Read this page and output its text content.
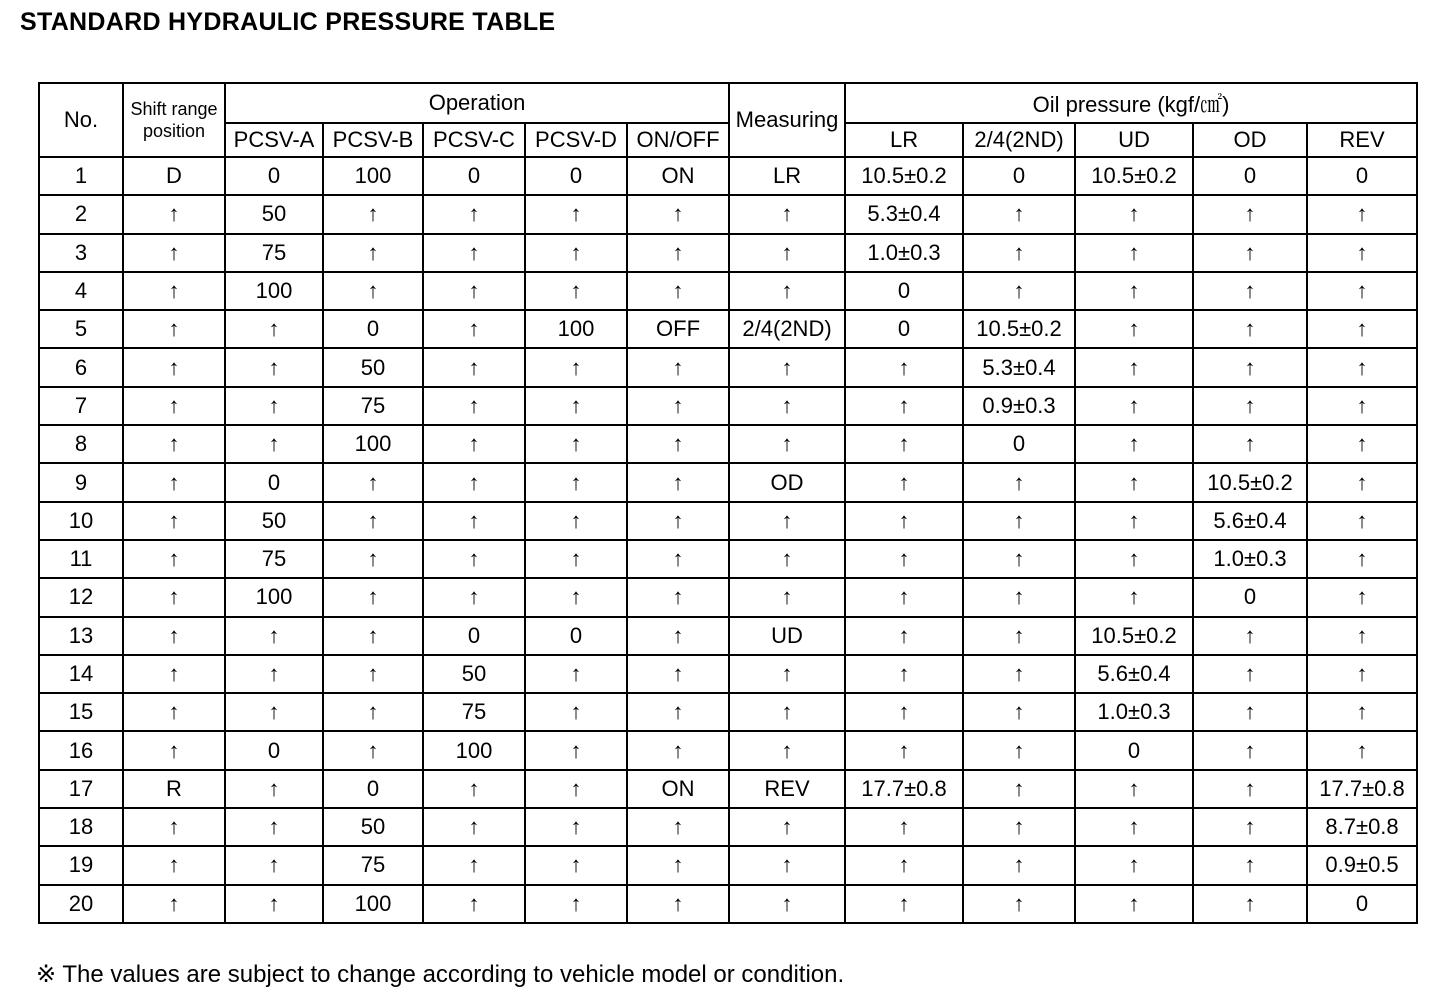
STANDARD HYDRAULIC PRESSURE TABLE
No.	Shift range position	Operation					Measuring	Oil pressure (kgf/㎠)				
		PCSV-A	PCSV-B	PCSV-C	PCSV-D	ON/OFF		LR	2/4(2ND)	UD	OD	REV
1	D	0	100	0	0	ON	LR	10.5±0.2	0	10.5±0.2	0	0
2	↑	50	↑	↑	↑	↑	↑	5.3±0.4	↑	↑	↑	↑
3	↑	75	↑	↑	↑	↑	↑	1.0±0.3	↑	↑	↑	↑
4	↑	100	↑	↑	↑	↑	↑	0	↑	↑	↑	↑
5	↑	↑	0	↑	100	OFF	2/4(2ND)	0	10.5±0.2	↑	↑	↑
6	↑	↑	50	↑	↑	↑	↑	↑	5.3±0.4	↑	↑	↑
7	↑	↑	75	↑	↑	↑	↑	↑	0.9±0.3	↑	↑	↑
8	↑	↑	100	↑	↑	↑	↑	↑	0	↑	↑	↑
9	↑	0	↑	↑	↑	↑	OD	↑	↑	↑	10.5±0.2	↑
10	↑	50	↑	↑	↑	↑	↑	↑	↑	↑	5.6±0.4	↑
11	↑	75	↑	↑	↑	↑	↑	↑	↑	↑	1.0±0.3	↑
12	↑	100	↑	↑	↑	↑	↑	↑	↑	↑	0	↑
13	↑	↑	↑	0	0	↑	UD	↑	↑	10.5±0.2	↑	↑
14	↑	↑	↑	50	↑	↑	↑	↑	↑	5.6±0.4	↑	↑
15	↑	↑	↑	75	↑	↑	↑	↑	↑	1.0±0.3	↑	↑
16	↑	0	↑	100	↑	↑	↑	↑	↑	0	↑	↑
17	R	↑	0	↑	↑	ON	REV	17.7±0.8	↑	↑	↑	17.7±0.8
18	↑	↑	50	↑	↑	↑	↑	↑	↑	↑	↑	8.7±0.8
19	↑	↑	75	↑	↑	↑	↑	↑	↑	↑	↑	0.9±0.5
20	↑	↑	100	↑	↑	↑	↑	↑	↑	↑	↑	0

※ The values are subject to change according to vehicle model or condition.
